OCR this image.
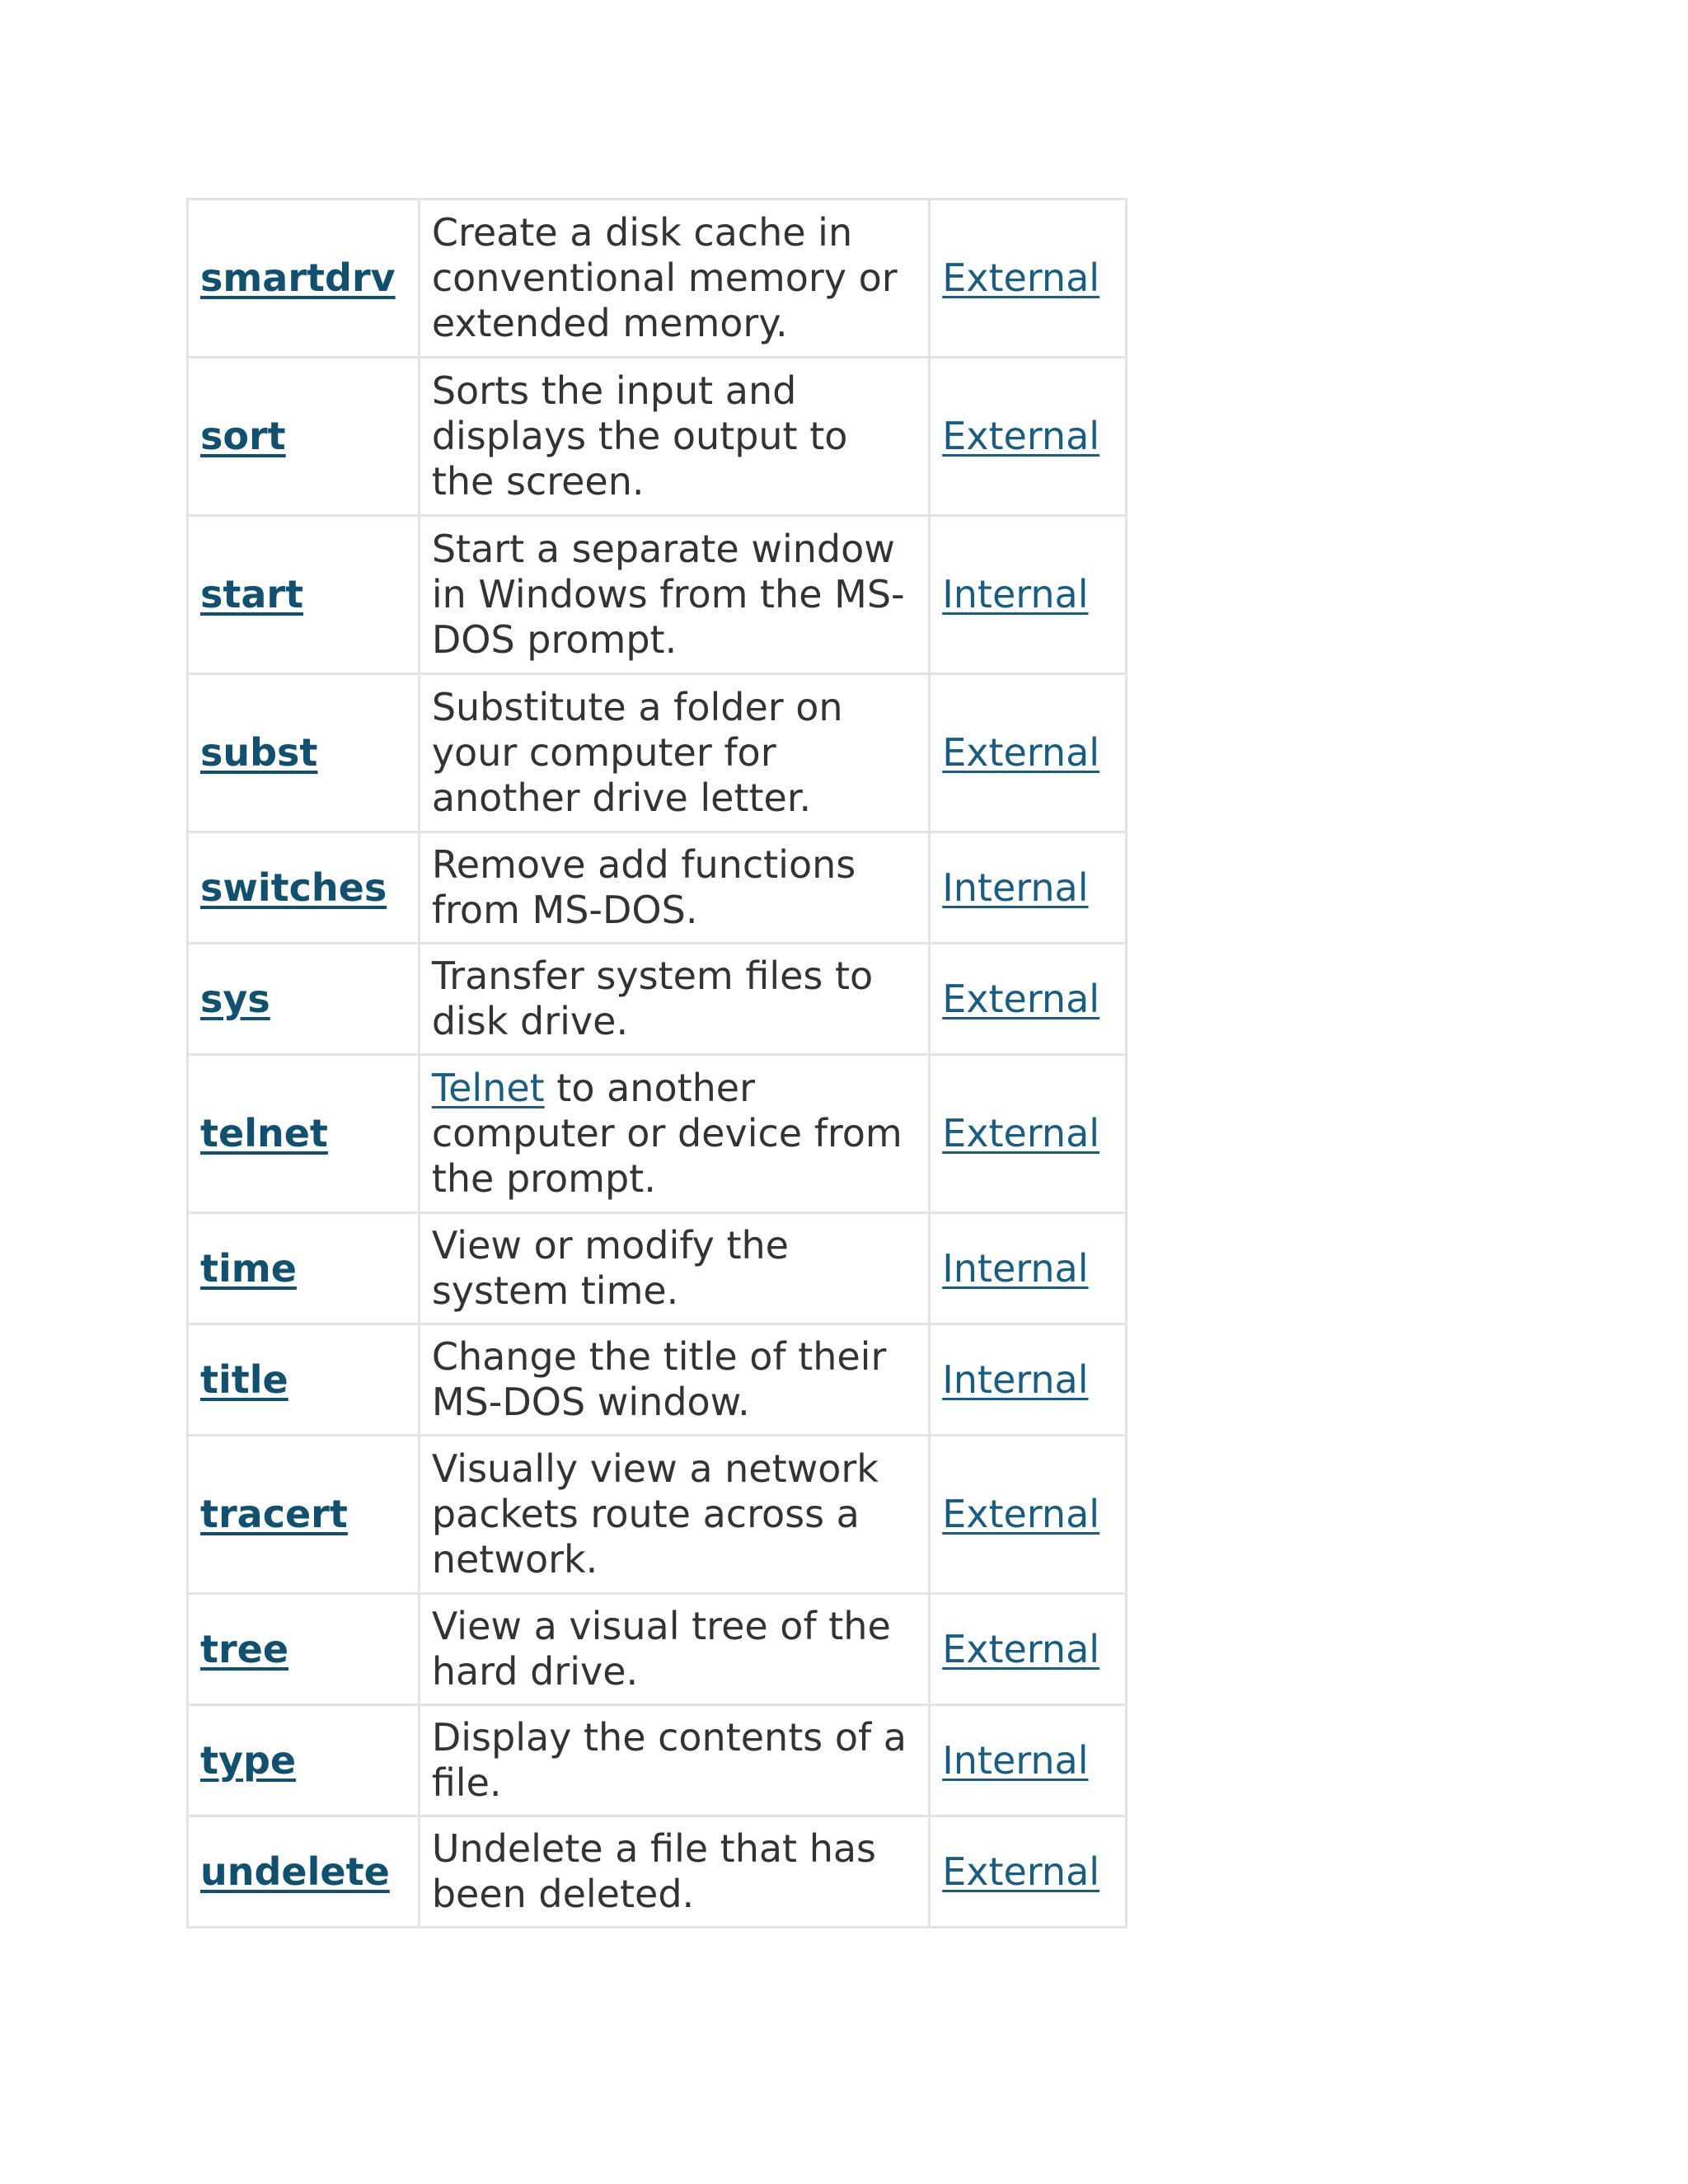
smartdrv	Create a disk cache in conventional memory or extended memory.	External
sort	Sorts the input and displays the output to the screen.	External
start	Start a separate window in Windows from the MS-DOS prompt.	Internal
subst	Substitute a folder on your computer for another drive letter.	External
switches	Remove add functions from MS-DOS.	Internal
sys	Transfer system files to disk drive.	External
telnet	Telnet to another computer or device from the prompt.	External
time	View or modify the system time.	Internal
title	Change the title of their MS-DOS window.	Internal
tracert	Visually view a network packets route across a network.	External
tree	View a visual tree of the hard drive.	External
type	Display the contents of a file.	Internal
undelete	Undelete a file that has been deleted.	External
